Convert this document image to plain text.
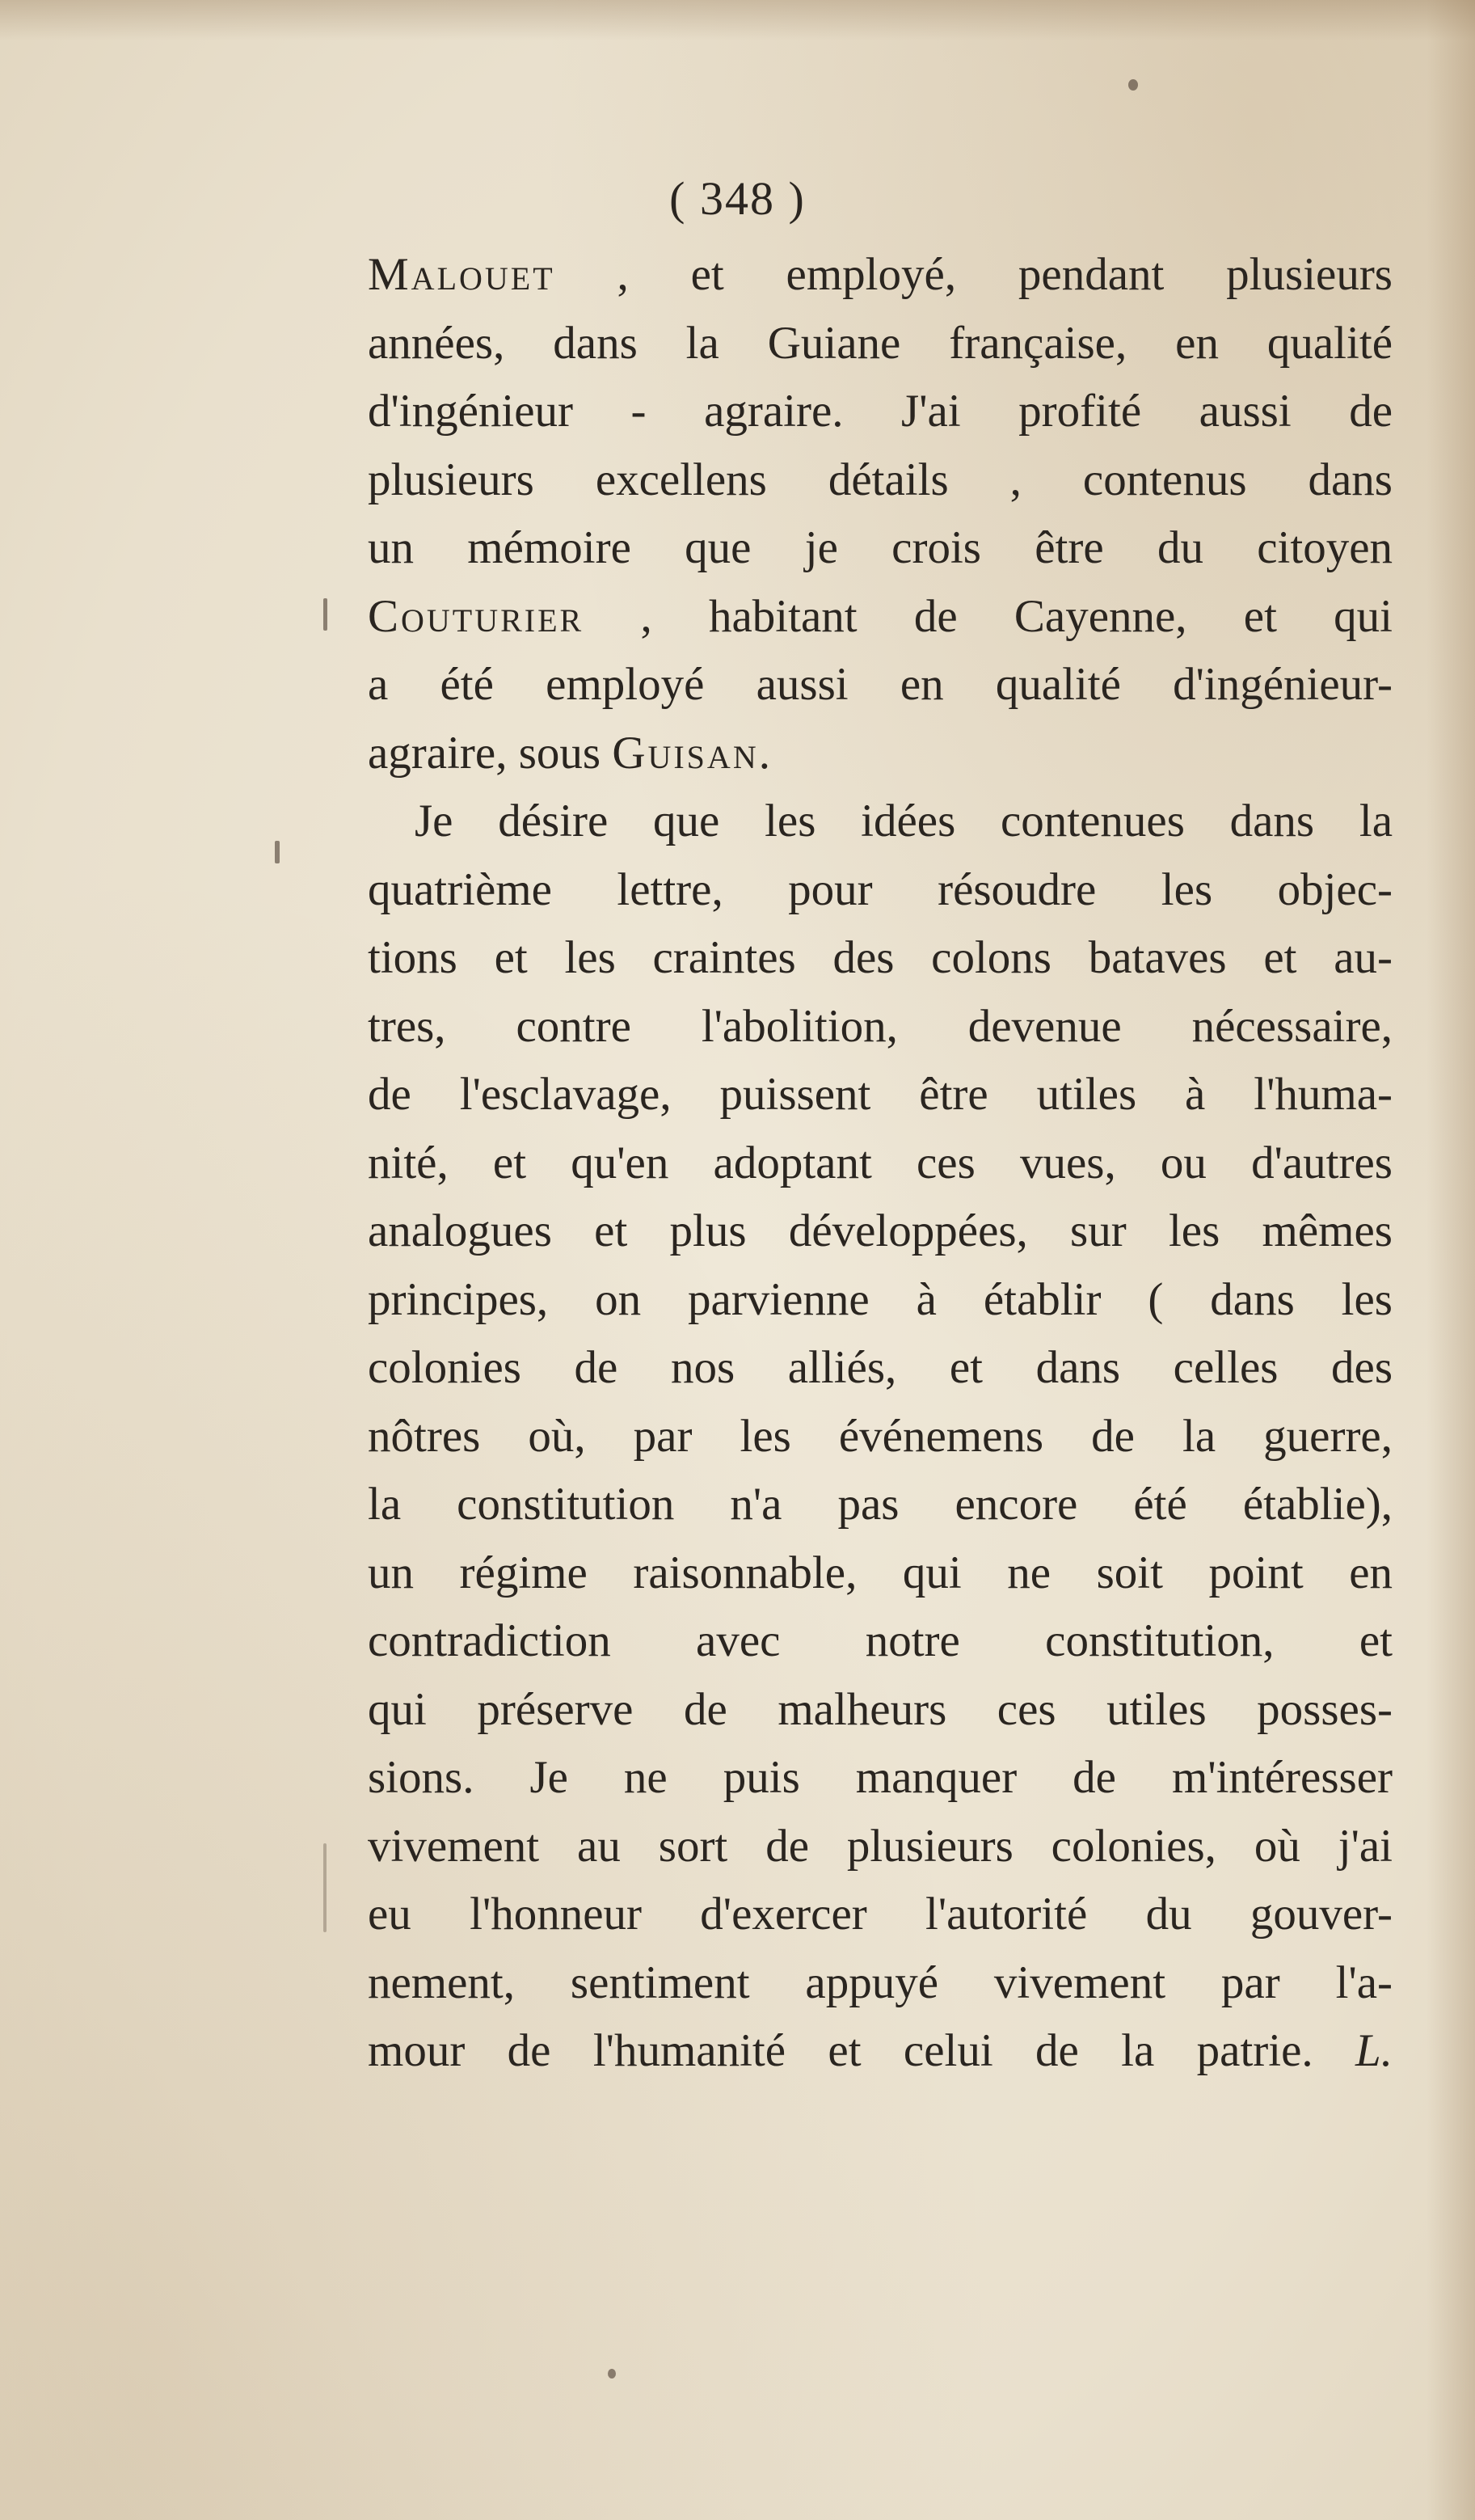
( 348 )
Malouet , et employé, pendant plusieurs
années, dans la Guiane française, en qualité
d'ingénieur - agraire. J'ai profité aussi de
plusieurs excellens détails , contenus dans
un mémoire que je crois être du citoyen
Couturier , habitant de Cayenne, et qui
a été employé aussi en qualité d'ingénieur-
agraire, sous Guisan.
Je désire que les idées contenues dans la
quatrième lettre, pour résoudre les objec-
tions et les craintes des colons bataves et au-
tres, contre l'abolition, devenue nécessaire,
de l'esclavage, puissent être utiles à l'huma-
nité, et qu'en adoptant ces vues, ou d'autres
analogues et plus développées, sur les mêmes
principes, on parvienne à établir ( dans les
colonies de nos alliés, et dans celles des
nôtres où, par les événemens de la guerre,
la constitution n'a pas encore été établie),
un régime raisonnable, qui ne soit point en
contradiction avec notre constitution, et
qui préserve de malheurs ces utiles posses-
sions. Je ne puis manquer de m'intéresser
vivement au sort de plusieurs colonies, où j'ai
eu l'honneur d'exercer l'autorité du gouver-
nement, sentiment appuyé vivement par l'a-
mour de l'humanité et celui de la patrie. L.
